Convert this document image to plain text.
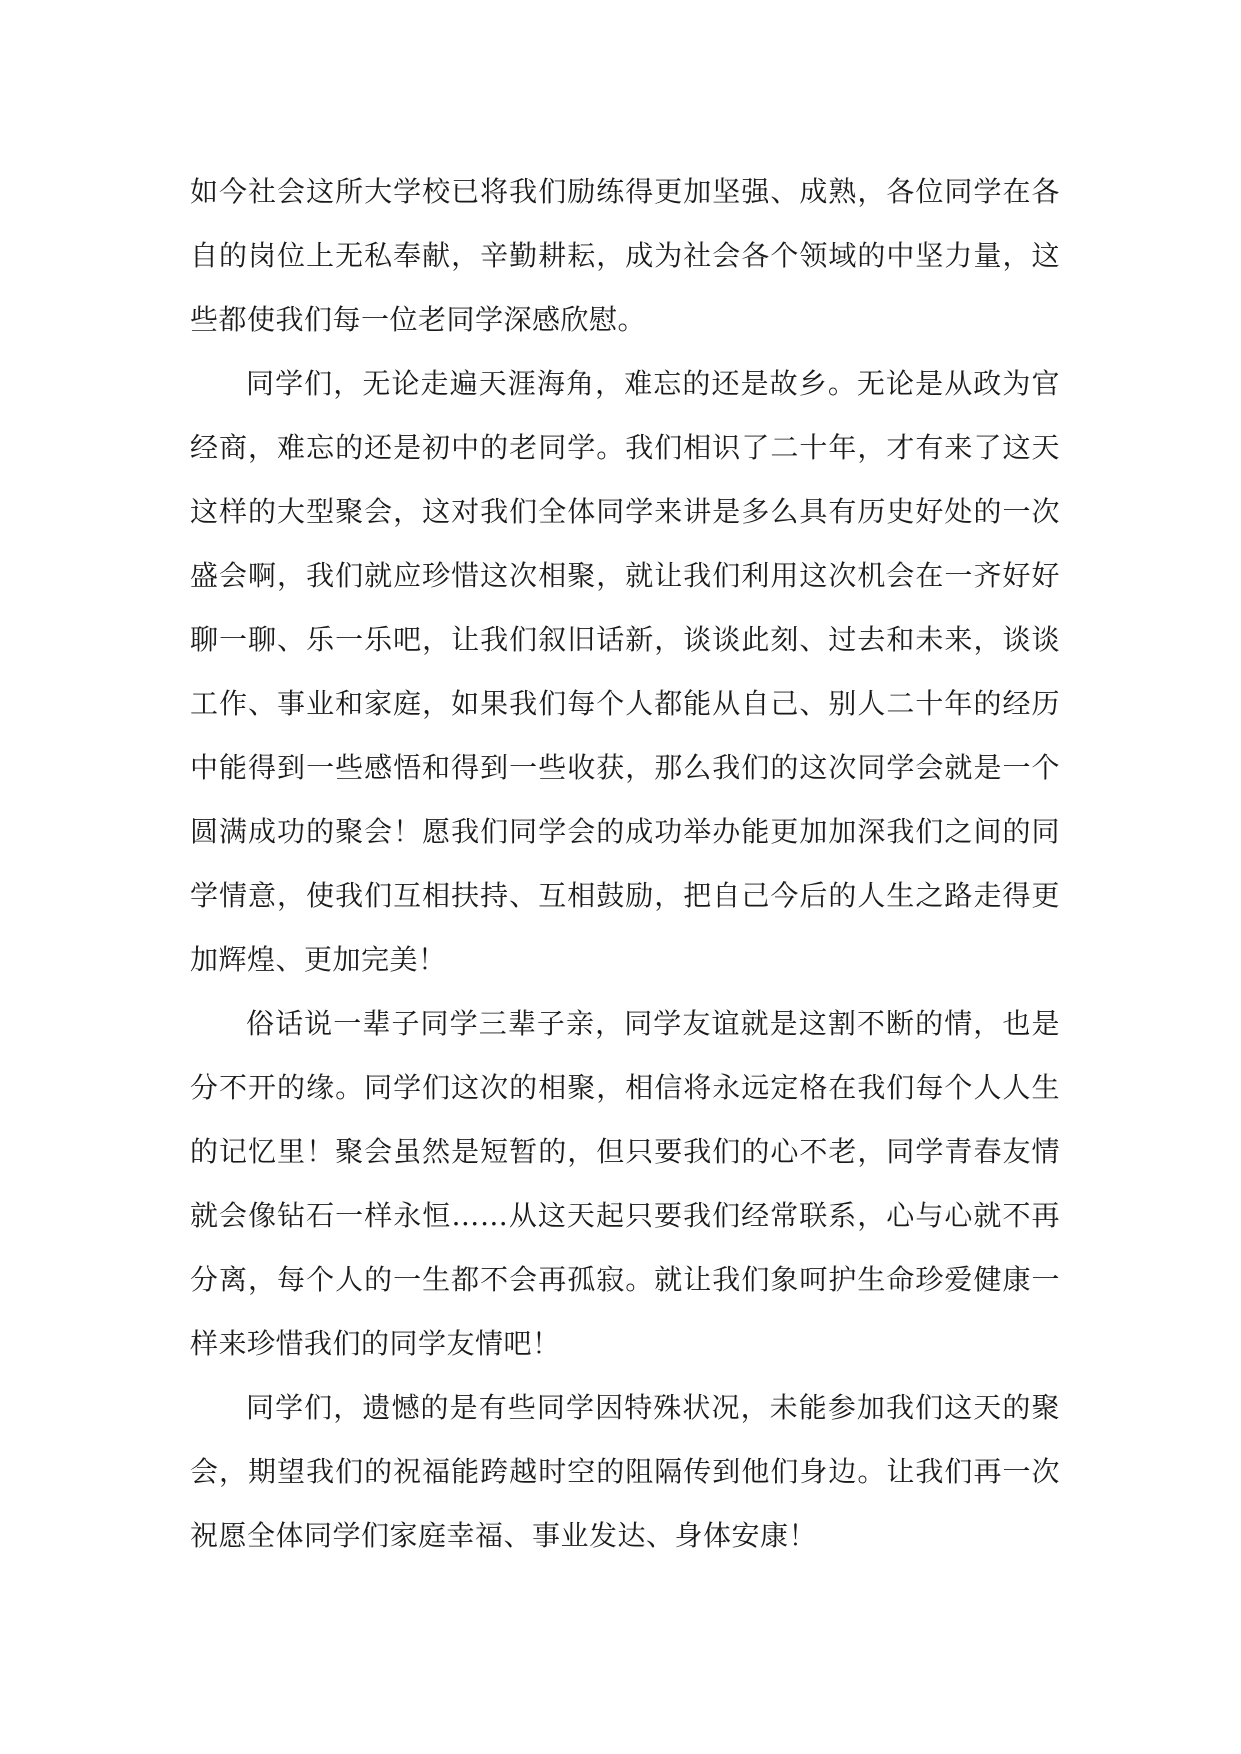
如今社会这所大学校已将我们励练得更加坚强、成熟，各位同学在各自的岗位上无私奉献，辛勤耕耘，成为社会各个领域的中坚力量，这些都使我们每一位老同学深感欣慰。

同学们，无论走遍天涯海角，难忘的还是故乡。无论是从政为官经商，难忘的还是初中的老同学。我们相识了二十年，才有来了这天这样的大型聚会，这对我们全体同学来讲是多么具有历史好处的一次盛会啊，我们就应珍惜这次相聚，就让我们利用这次机会在一齐好好聊一聊、乐一乐吧，让我们叙旧话新，谈谈此刻、过去和未来，谈谈工作、事业和家庭，如果我们每个人都能从自己、别人二十年的经历中能得到一些感悟和得到一些收获，那么我们的这次同学会就是一个圆满成功的聚会！愿我们同学会的成功举办能更加加深我们之间的同学情意，使我们互相扶持、互相鼓励，把自己今后的人生之路走得更加辉煌、更加完美！

俗话说一辈子同学三辈子亲，同学友谊就是这割不断的情，也是分不开的缘。同学们这次的相聚，相信将永远定格在我们每个人人生的记忆里！聚会虽然是短暂的，但只要我们的心不老，同学青春友情就会像钻石一样永恒……从这天起只要我们经常联系，心与心就不再分离，每个人的一生都不会再孤寂。就让我们象呵护生命珍爱健康一样来珍惜我们的同学友情吧！

同学们，遗憾的是有些同学因特殊状况，未能参加我们这天的聚会，期望我们的祝福能跨越时空的阻隔传到他们身边。让我们再一次祝愿全体同学们家庭幸福、事业发达、身体安康！
